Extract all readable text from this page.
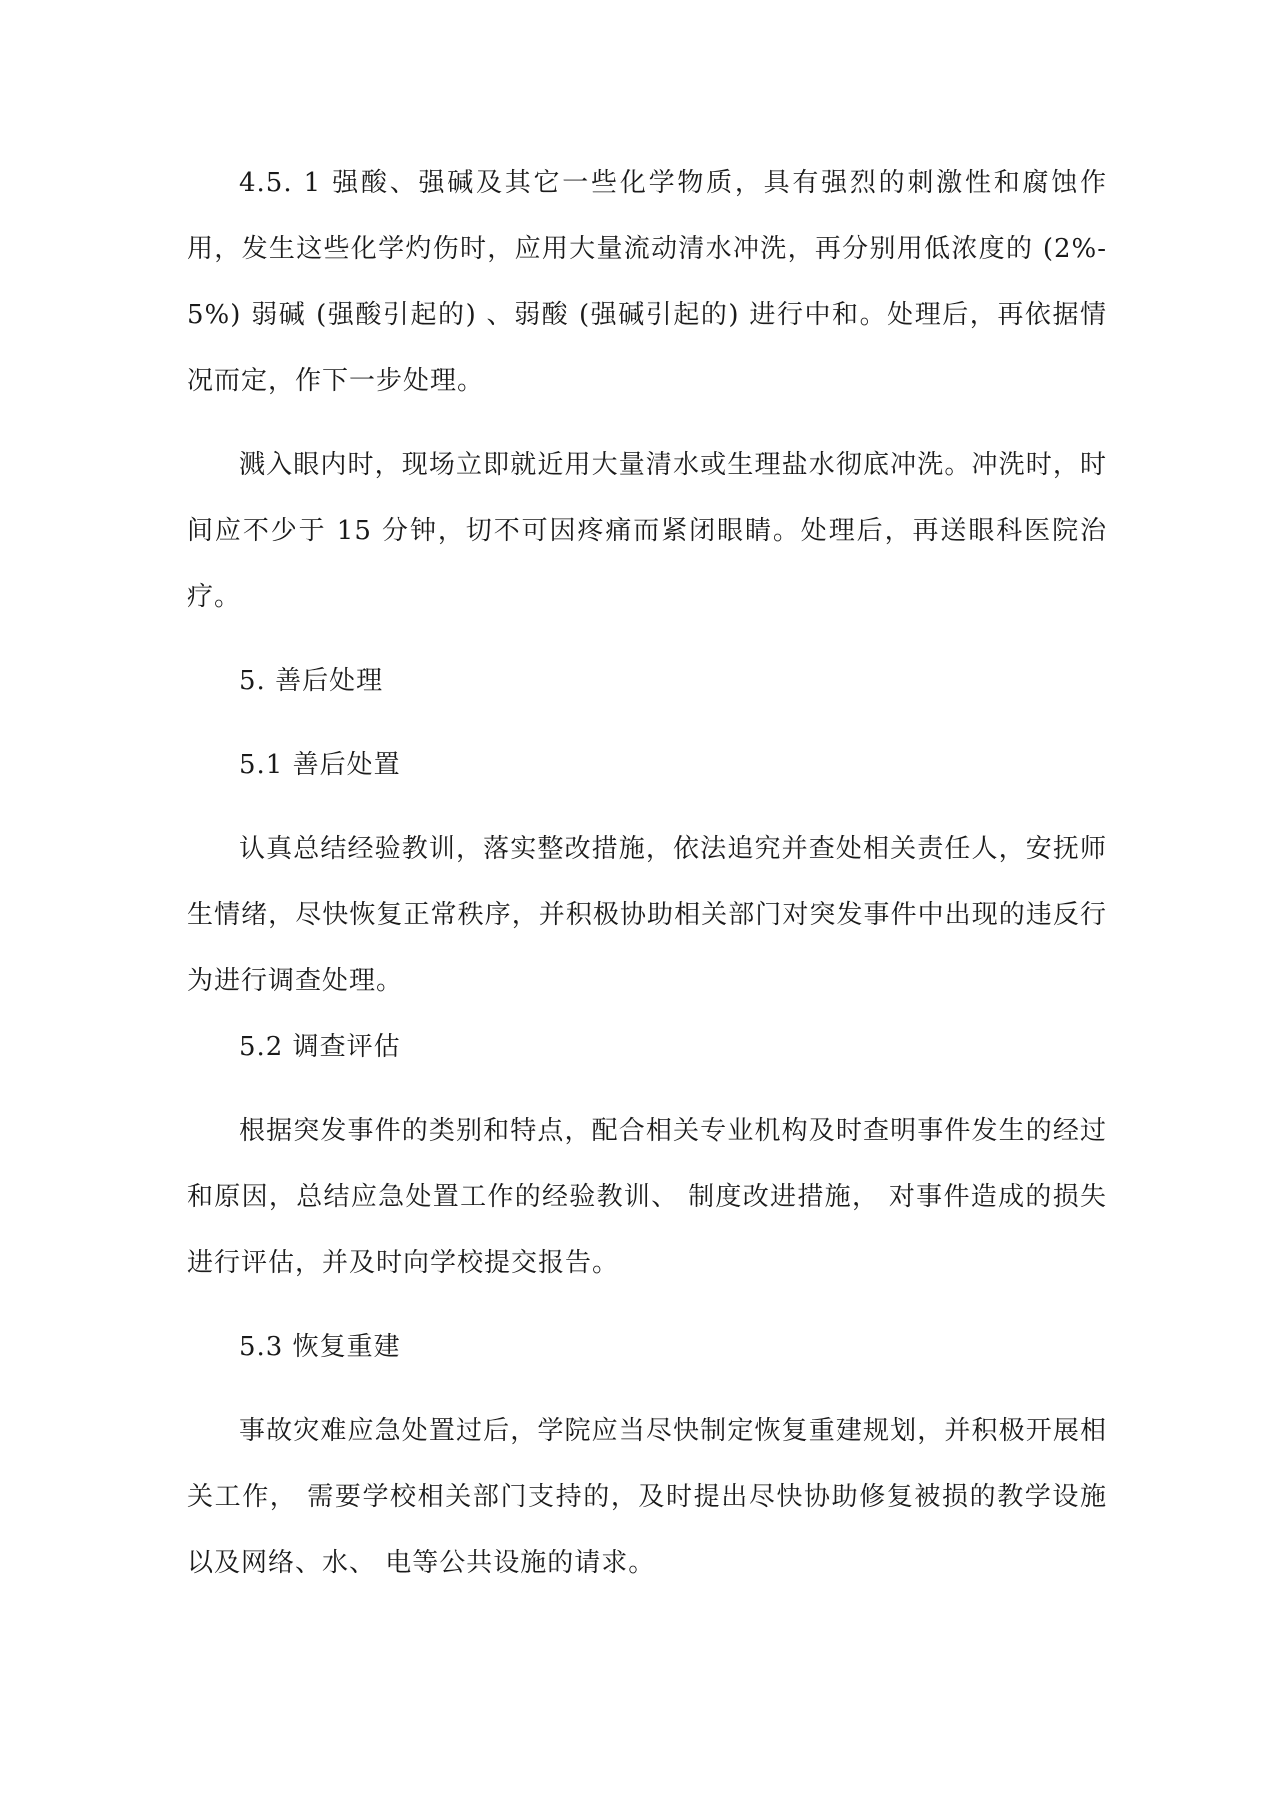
4.5. 1 强酸、强碱及其它一些化学物质，具有强烈的刺激性和腐蚀作用，发生这些化学灼伤时，应用大量流动清水冲洗，再分别用低浓度的 (2%-5%) 弱碱 (强酸引起的) 、弱酸 (强碱引起的) 进行中和。处理后，再依据情况而定，作下一步处理。

溅入眼内时，现场立即就近用大量清水或生理盐水彻底冲洗。冲洗时，时间应不少于 15 分钟，切不可因疼痛而紧闭眼睛。处理后，再送眼科医院治疗。

5. 善后处理

5.1 善后处置

认真总结经验教训，落实整改措施，依法追究并查处相关责任人，安抚师生情绪，尽快恢复正常秩序，并积极协助相关部门对突发事件中出现的违反行为进行调查处理。

5.2 调查评估

根据突发事件的类别和特点，配合相关专业机构及时查明事件发生的经过和原因，总结应急处置工作的经验教训、 制度改进措施， 对事件造成的损失进行评估，并及时向学校提交报告。

5.3 恢复重建

事故灾难应急处置过后，学院应当尽快制定恢复重建规划，并积极开展相关工作， 需要学校相关部门支持的，及时提出尽快协助修复被损的教学设施以及网络、水、 电等公共设施的请求。
